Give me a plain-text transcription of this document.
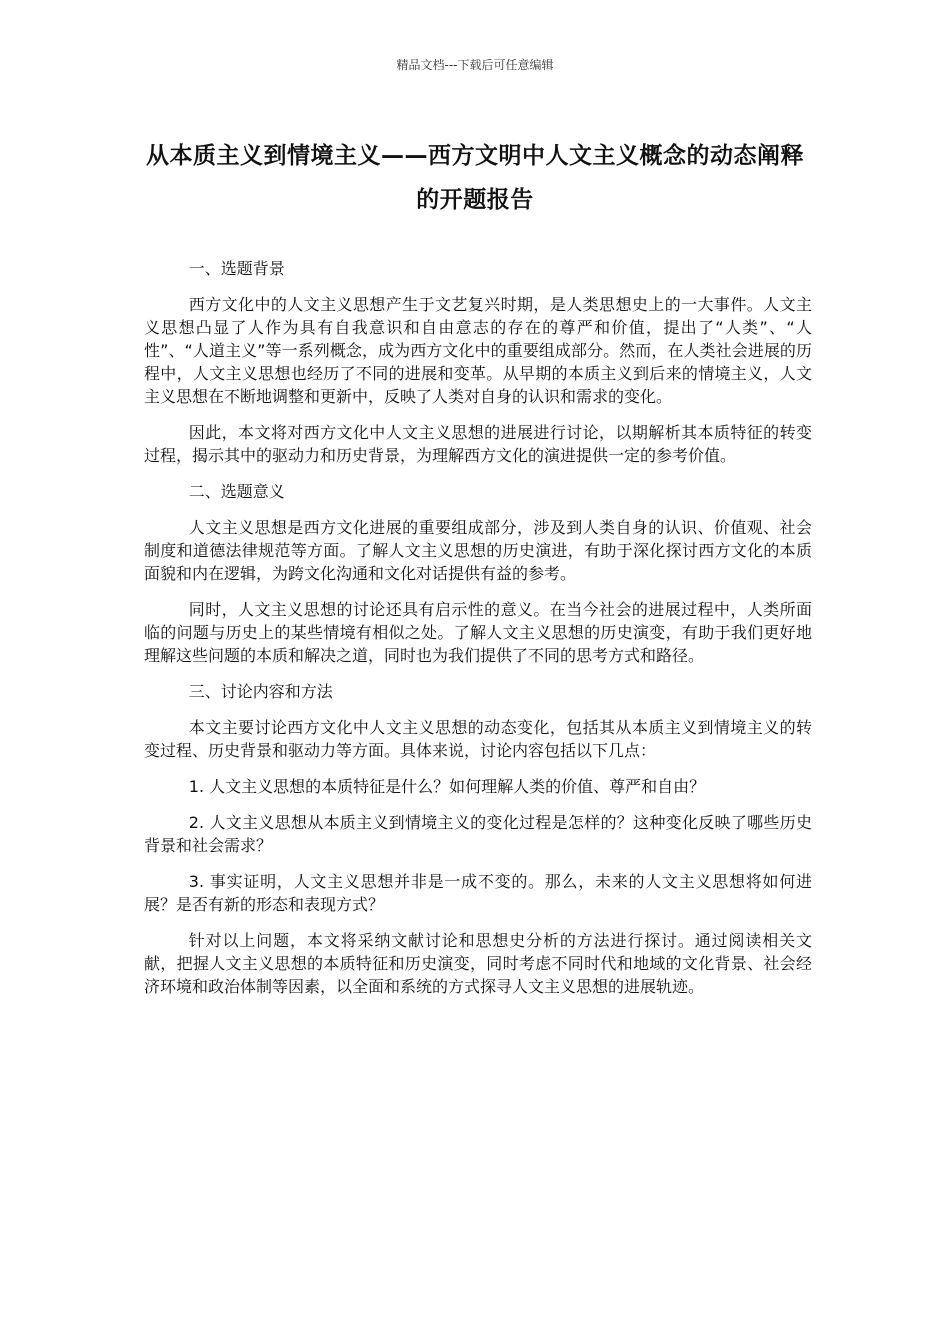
精品文档---下载后可任意编辑
从本质主义到情境主义——西方文明中人文主义概念的动态阐释的开题报告

一、选题背景

西方文化中的人文主义思想产生于文艺复兴时期，是人类思想史上的一大事件。人文主义思想凸显了人作为具有自我意识和自由意志的存在的尊严和价值，提出了“人类”、“人性”、“人道主义”等一系列概念，成为西方文化中的重要组成部分。然而，在人类社会进展的历程中，人文主义思想也经历了不同的进展和变革。从早期的本质主义到后来的情境主义，人文主义思想在不断地调整和更新中，反映了人类对自身的认识和需求的变化。

因此，本文将对西方文化中人文主义思想的进展进行讨论，以期解析其本质特征的转变过程，揭示其中的驱动力和历史背景，为理解西方文化的演进提供一定的参考价值。

二、选题意义

人文主义思想是西方文化进展的重要组成部分，涉及到人类自身的认识、价值观、社会制度和道德法律规范等方面。了解人文主义思想的历史演进，有助于深化探讨西方文化的本质面貌和内在逻辑，为跨文化沟通和文化对话提供有益的参考。

同时，人文主义思想的讨论还具有启示性的意义。在当今社会的进展过程中，人类所面临的问题与历史上的某些情境有相似之处。了解人文主义思想的历史演变，有助于我们更好地理解这些问题的本质和解决之道，同时也为我们提供了不同的思考方式和路径。

三、讨论内容和方法

本文主要讨论西方文化中人文主义思想的动态变化，包括其从本质主义到情境主义的转变过程、历史背景和驱动力等方面。具体来说，讨论内容包括以下几点：

1. 人文主义思想的本质特征是什么？如何理解人类的价值、尊严和自由？

2. 人文主义思想从本质主义到情境主义的变化过程是怎样的？这种变化反映了哪些历史背景和社会需求？

3. 事实证明，人文主义思想并非是一成不变的。那么，未来的人文主义思想将如何进展？是否有新的形态和表现方式？

针对以上问题，本文将采纳文献讨论和思想史分析的方法进行探讨。通过阅读相关文献，把握人文主义思想的本质特征和历史演变，同时考虑不同时代和地域的文化背景、社会经济环境和政治体制等因素，以全面和系统的方式探寻人文主义思想的进展轨迹。
